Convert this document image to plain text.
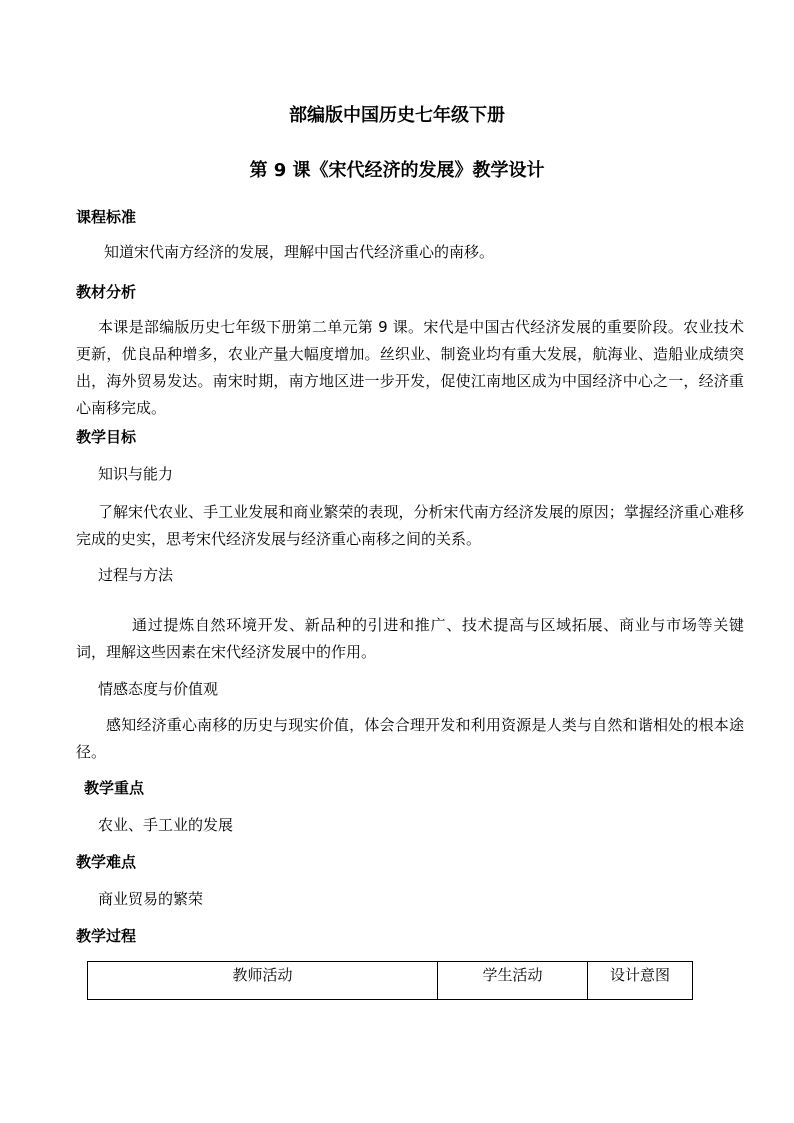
部编版中国历史七年级下册
第 9 课《宋代经济的发展》教学设计
课程标准
知道宋代南方经济的发展，理解中国古代经济重心的南移。
教材分析
本课是部编版历史七年级下册第二单元第 9 课。宋代是中国古代经济发展的重要阶段。农业技术更新，优良品种增多，农业产量大幅度增加。丝织业、制瓷业均有重大发展，航海业、造船业成绩突出，海外贸易发达。南宋时期，南方地区进一步开发，促使江南地区成为中国经济中心之一，经济重心南移完成。
教学目标
知识与能力
了解宋代农业、手工业发展和商业繁荣的表现，分析宋代南方经济发展的原因；掌握经济重心难移完成的史实，思考宋代经济发展与经济重心南移之间的关系。
过程与方法
通过提炼自然环境开发、新品种的引进和推广、技术提高与区域拓展、商业与市场等关键词，理解这些因素在宋代经济发展中的作用。
情感态度与价值观
感知经济重心南移的历史与现实价值，体会合理开发和利用资源是人类与自然和谐相处的根本途径。
教学重点
农业、手工业的发展
教学难点
商业贸易的繁荣
教学过程
教师活动	学生活动	设计意图
